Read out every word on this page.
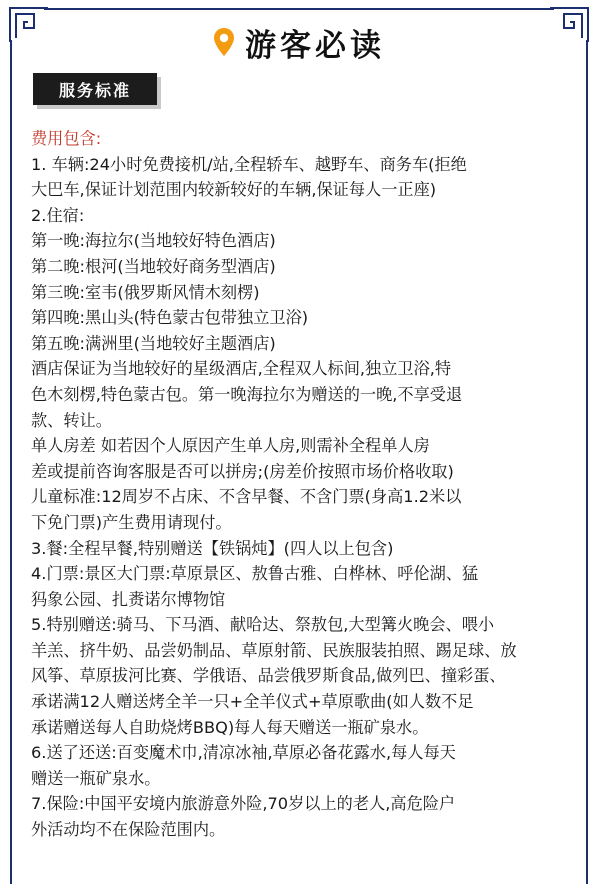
游客必读
服务标准
费用包含:
1. 车辆:24小时免费接机/站,全程轿车、越野车、商务车(拒绝
大巴车,保证计划范围内较新较好的车辆,保证每人一正座)
2.住宿:
第一晚:海拉尔(当地较好特色酒店)
第二晚:根河(当地较好商务型酒店)
第三晚:室韦(俄罗斯风情木刻楞)
第四晚:黑山头(特色蒙古包带独立卫浴)
第五晚:满洲里(当地较好主题酒店)
酒店保证为当地较好的星级酒店,全程双人标间,独立卫浴,特
色木刻楞,特色蒙古包。第一晚海拉尔为赠送的一晚,不享受退
款、转让。
单人房差 如若因个人原因产生单人房,则需补全程单人房
差或提前咨询客服是否可以拼房;(房差价按照市场价格收取)
儿童标准:12周岁不占床、不含早餐、不含门票(身高1.2米以
下免门票)产生费用请现付。
3.餐:全程早餐,特别赠送【铁锅炖】(四人以上包含)
4.门票:景区大门票:草原景区、敖鲁古雅、白桦林、呼伦湖、猛
犸象公园、扎赉诺尔博物馆
5.特别赠送:骑马、下马酒、献哈达、祭敖包,大型篝火晚会、喂小
羊羔、挤牛奶、品尝奶制品、草原射箭、民族服装拍照、踢足球、放
风筝、草原拔河比赛、学俄语、品尝俄罗斯食品,做列巴、撞彩蛋、
承诺满12人赠送烤全羊一只+全羊仪式+草原歌曲(如人数不足
承诺赠送每人自助烧烤BBQ)每人每天赠送一瓶矿泉水。
6.送了还送:百变魔术巾,清凉冰袖,草原必备花露水,每人每天
赠送一瓶矿泉水。
7.保险:中国平安境内旅游意外险,70岁以上的老人,高危险户
外活动均不在保险范围内。
